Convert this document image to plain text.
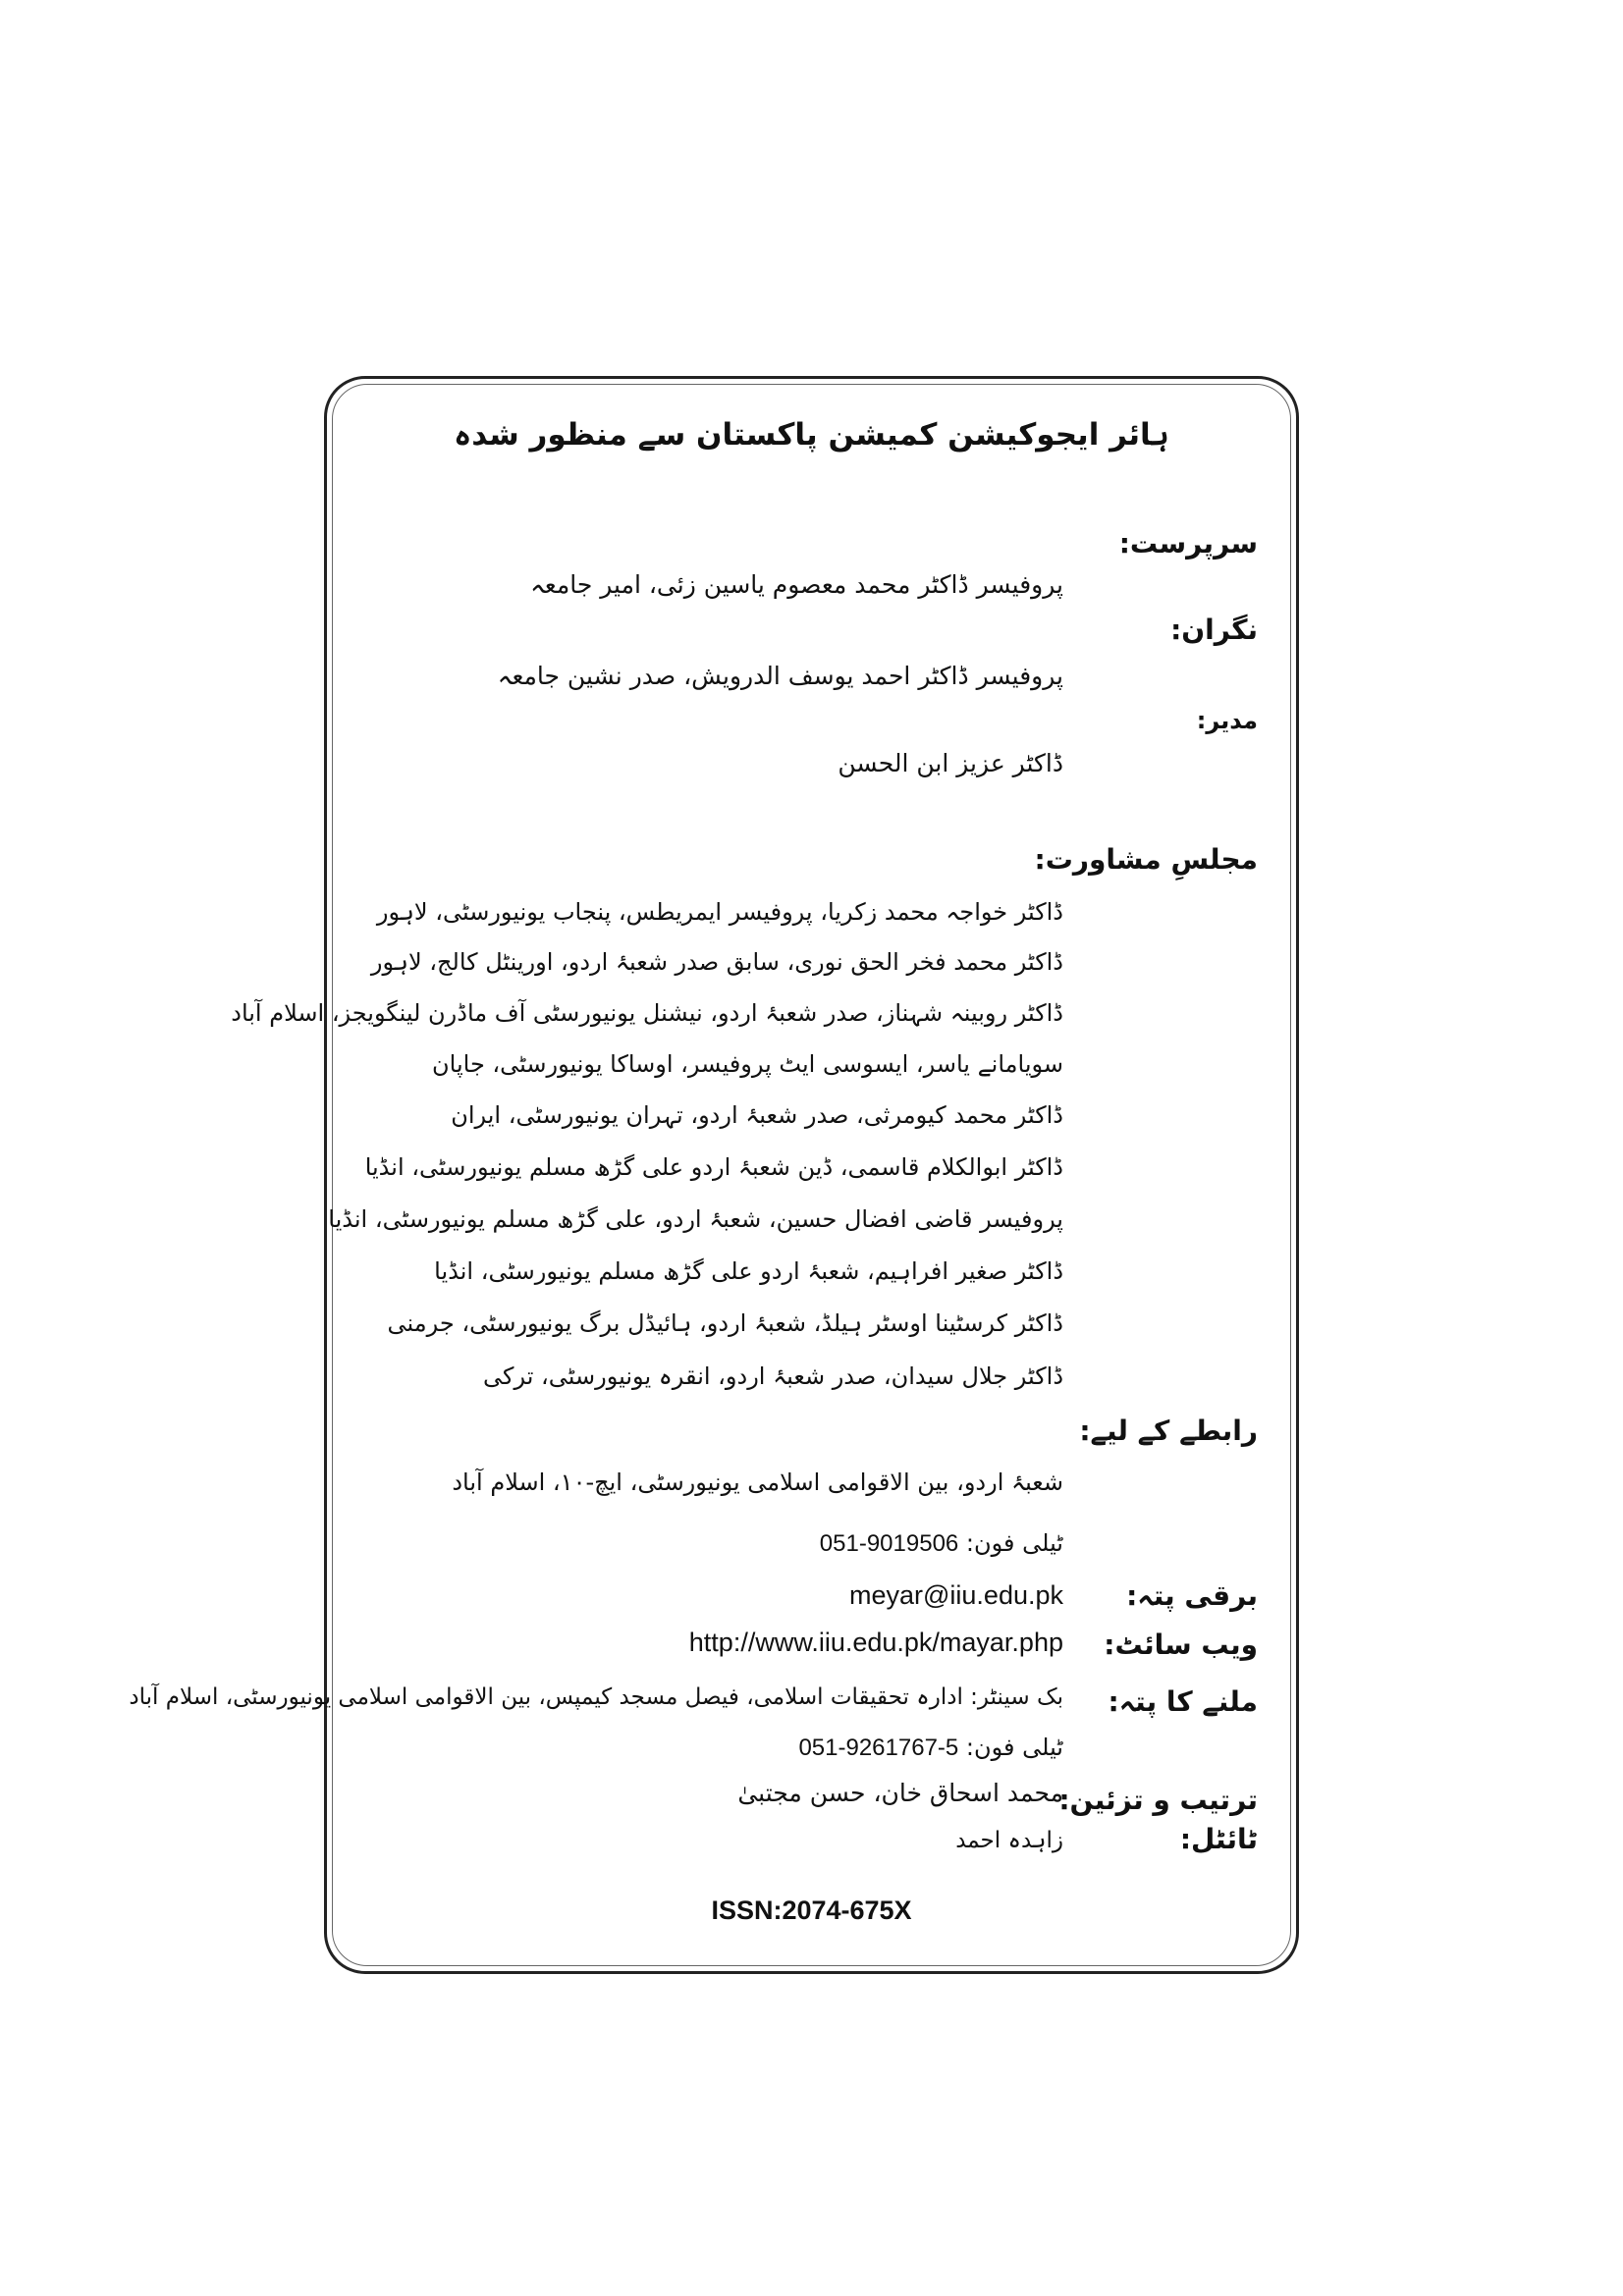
ہائر ایجوکیشن کمیشن پاکستان سے منظور شدہ
سرپرست:
پروفیسر ڈاکٹر محمد معصوم یاسین زئی، امیر جامعہ
نگران:
پروفیسر ڈاکٹر احمد یوسف الدرویش، صدر نشین جامعہ
مدیر:
ڈاکٹر عزیز ابن الحسن
مجلسِ مشاورت:
ڈاکٹر خواجہ محمد زکریا، پروفیسر ایمریطس، پنجاب یونیورسٹی، لاہور
ڈاکٹر محمد فخر الحق نوری، سابق صدر شعبۂ اردو، اورینٹل کالج، لاہور
ڈاکٹر روبینہ شہناز، صدر شعبۂ اردو، نیشنل یونیورسٹی آف ماڈرن لینگویجز، اسلام آباد
سویامانے یاسر، ایسوسی ایٹ پروفیسر، اوساکا یونیورسٹی، جاپان
ڈاکٹر محمد کیومرثی، صدر شعبۂ اردو، تہران یونیورسٹی، ایران
ڈاکٹر ابوالکلام قاسمی، ڈین شعبۂ اردو علی گڑھ مسلم یونیورسٹی، انڈیا
پروفیسر قاضی افضال حسین، شعبۂ اردو، علی گڑھ مسلم یونیورسٹی، انڈیا
ڈاکٹر صغیر افراہیم، شعبۂ اردو علی گڑھ مسلم یونیورسٹی، انڈیا
ڈاکٹر کرسٹینا اوسٹر ہیلڈ، شعبۂ اردو، ہائیڈل برگ یونیورسٹی، جرمنی
ڈاکٹر جلال سیدان، صدر شعبۂ اردو، انقرہ یونیورسٹی، ترکی
رابطے کے لیے:
شعبۂ اردو، بین الاقوامی اسلامی یونیورسٹی، ایچ-۱۰، اسلام آباد
ٹیلی فون: 051-9019506
برقی پتہ:
meyar@iiu.edu.pk
ویب سائٹ:
http://www.iiu.edu.pk/mayar.php
ملنے کا پتہ:
بک سینٹر: ادارہ تحقیقات اسلامی، فیصل مسجد کیمپس، بین الاقوامی اسلامی یونیورسٹی، اسلام آباد
ٹیلی فون: 051-9261767-5
ترتیب و تزئین:
محمد اسحاق خان، حسن مجتبیٰ
ٹائٹل:
زاہدہ احمد
ISSN:2074-675X
